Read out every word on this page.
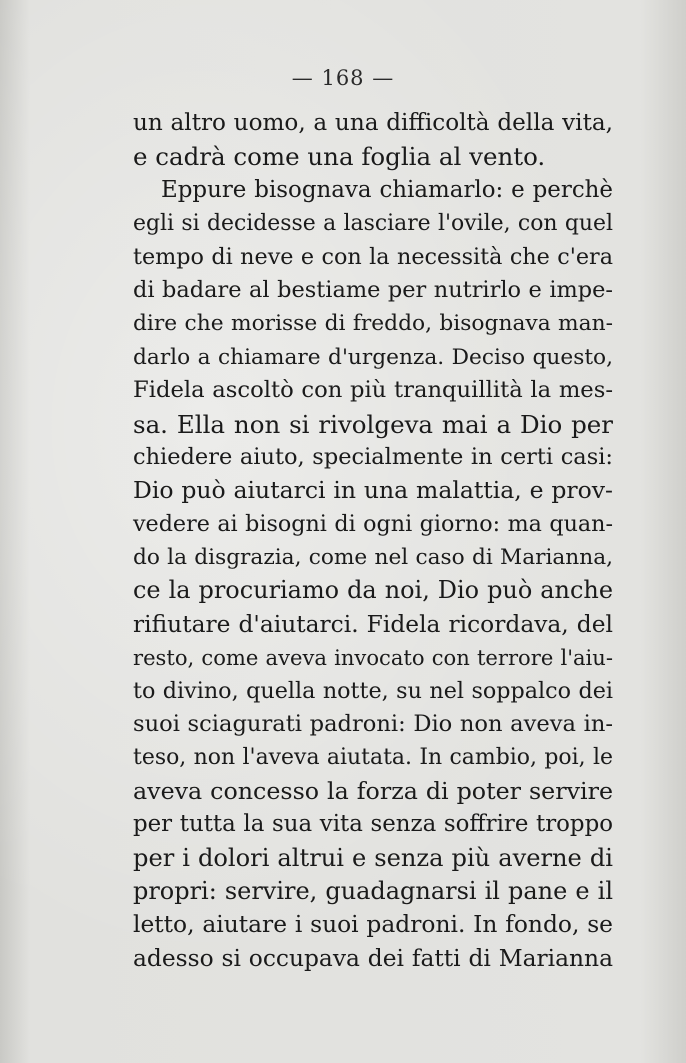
— 168 —
un altro uomo, a una difficoltà della vita,
e cadrà come una foglia al vento.
Eppure bisognava chiamarlo: e perchè
egli si decidesse a lasciare l'ovile, con quel
tempo di neve e con la necessità che c'era
di badare al bestiame per nutrirlo e impe-
dire che morisse di freddo, bisognava man-
darlo a chiamare d'urgenza. Deciso questo,
Fidela ascoltò con più tranquillità la mes-
sa. Ella non si rivolgeva mai a Dio per
chiedere aiuto, specialmente in certi casi:
Dio può aiutarci in una malattia, e prov-
vedere ai bisogni di ogni giorno: ma quan-
do la disgrazia, come nel caso di Marianna,
ce la procuriamo da noi, Dio può anche
rifiutare d'aiutarci. Fidela ricordava, del
resto, come aveva invocato con terrore l'aiu-
to divino, quella notte, su nel soppalco dei
suoi sciagurati padroni: Dio non aveva in-
teso, non l'aveva aiutata. In cambio, poi, le
aveva concesso la forza di poter servire
per tutta la sua vita senza soffrire troppo
per i dolori altrui e senza più averne di
propri: servire, guadagnarsi il pane e il
letto, aiutare i suoi padroni. In fondo, se
adesso si occupava dei fatti di Marianna
